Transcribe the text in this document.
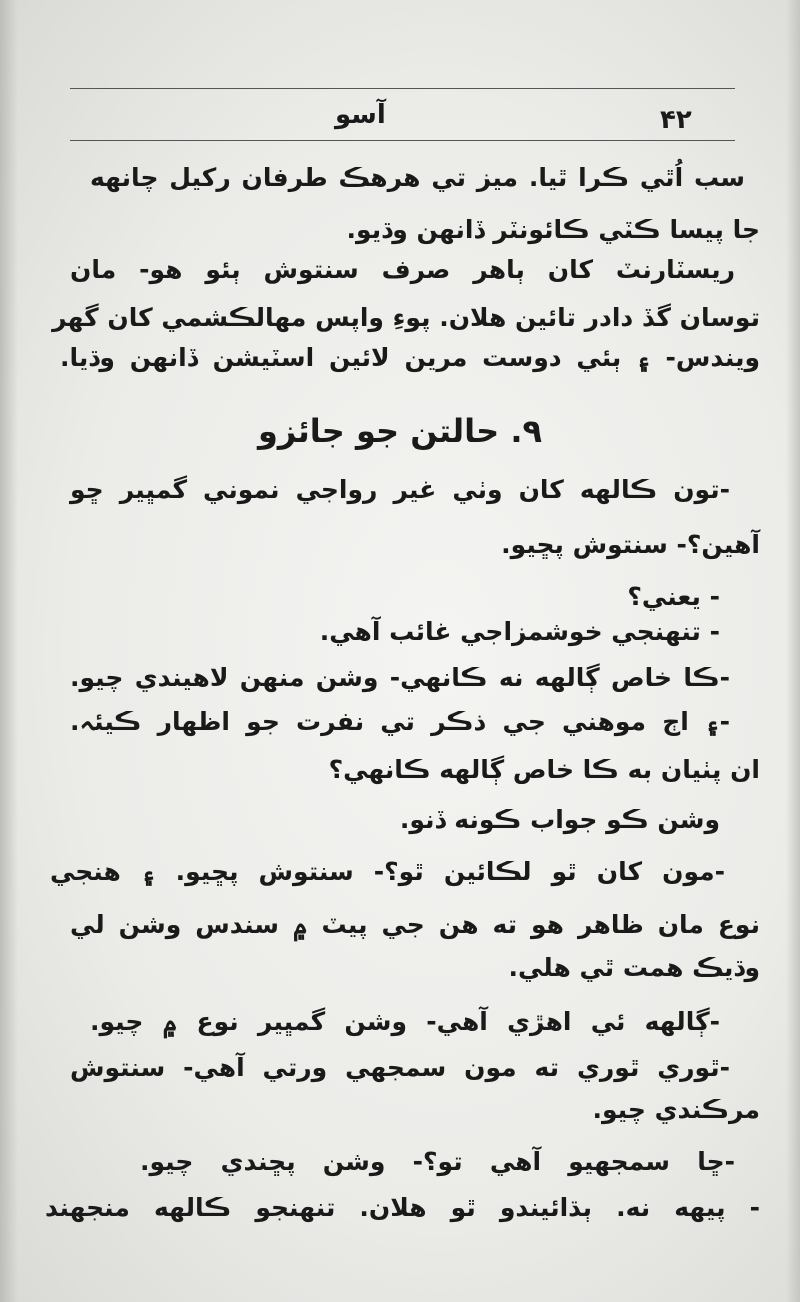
آسو	۴۲
۹. حالتن جو جائزو
سب اُٿي ڪرا ٿيا. ميز تي هرهڪ طرفان رکيل چانهه
جا پيسا ڪٽي ڪائونٽر ڏانهن وڌيو.
ريسٽارنٽ کان ٻاهر صرف سنتوش ٻئو هو- مان
توسان گڏ دادر تائين هلان. پوءِ واپس مهالڪشمي کان گهر
ويندس- ۽ ٻئي دوست مرين لائين اسٽيشن ڏانهن وڌيا.
-تون ڪالهه کان وٺي غير رواجي نموني گمڀير ڇو
آهين؟- سنتوش پڇيو.
- يعني؟
- تنهنجي خوشمزاجي غائب آهي.
-ڪا خاص ڳالهه نه ڪانهي- وشن منهن لاهيندي چيو.
-۽ اڄ موهني جي ذڪر تي نفرت جو اظهار ڪيئہ.
ان پٺيان به ڪا خاص ڳالهه ڪانهي؟
وشن ڪو جواب ڪونه ڏنو.
-مون کان ٿو لڪائين ٿو؟- سنتوش پڇيو. ۽ هنجي
نوع مان ظاهر هو ته هن جي پيٽ ۾ سندس وشن لي
وڌيڪ همت ٿي هلي.
-ڳالهه ئي اهڙي آهي- وشن گمڀير نوع ۾ چيو.
-ٿوري ٿوري ته مون سمجهي ورتي آهي- سنتوش
مرڪندي چيو.
-ڇا سمجهيو آهي تو؟- وشن پڇندي چيو.
- پيهه نه. ٻڌائيندو ٿو هلان. تنهنجو ڪالهه منجهند
